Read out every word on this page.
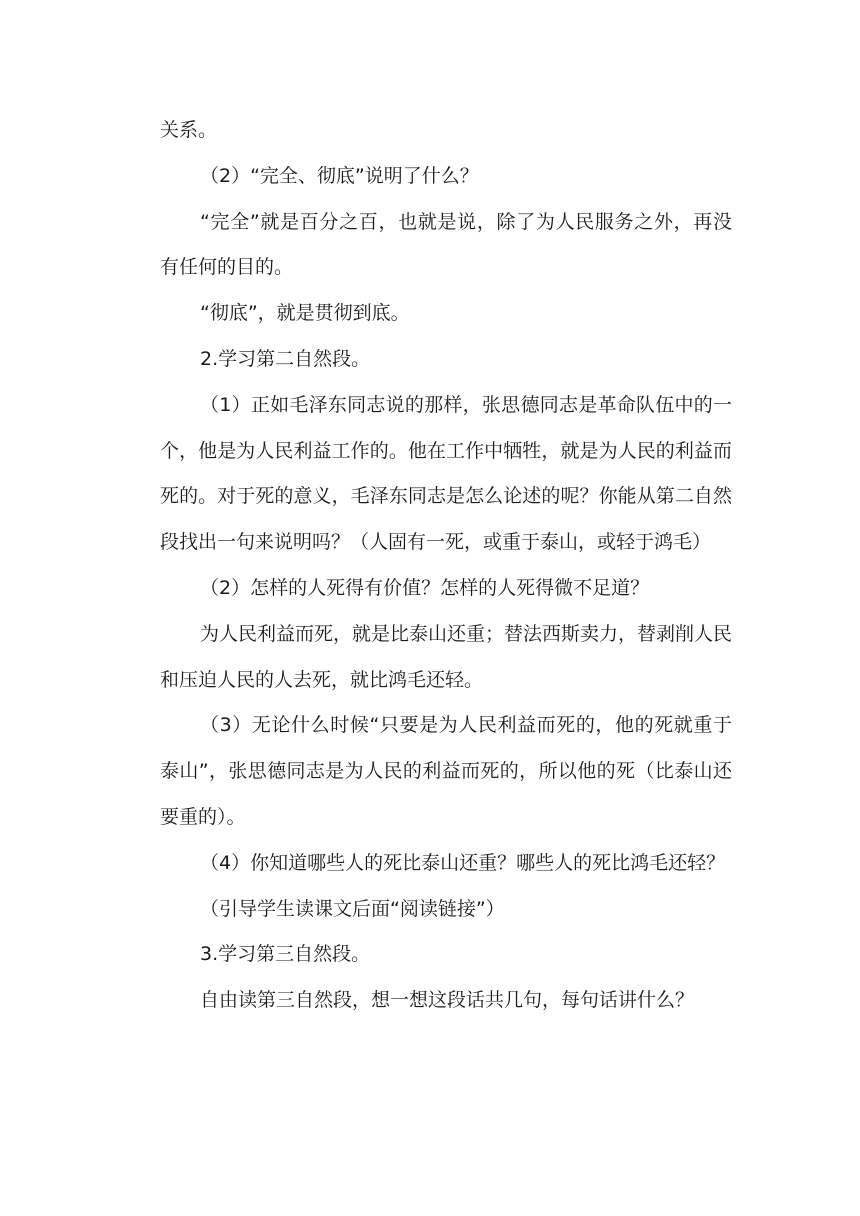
关系。

（2）“完全、彻底”说明了什么？

“完全”就是百分之百，也就是说，除了为人民服务之外，再没有任何的目的。

“彻底”，就是贯彻到底。

2.学习第二自然段。

（1）正如毛泽东同志说的那样，张思德同志是革命队伍中的一个，他是为人民利益工作的。他在工作中牺牲，就是为人民的利益而死的。对于死的意义，毛泽东同志是怎么论述的呢？你能从第二自然段找出一句来说明吗？（人固有一死，或重于泰山，或轻于鸿毛）

（2）怎样的人死得有价值？怎样的人死得微不足道？

为人民利益而死，就是比泰山还重；替法西斯卖力，替剥削人民和压迫人民的人去死，就比鸿毛还轻。

（3）无论什么时候“只要是为人民利益而死的，他的死就重于泰山”，张思德同志是为人民的利益而死的，所以他的死（比泰山还要重的）。

（4）你知道哪些人的死比泰山还重？哪些人的死比鸿毛还轻？

（引导学生读课文后面“阅读链接”）

3.学习第三自然段。

自由读第三自然段，想一想这段话共几句，每句话讲什么？
